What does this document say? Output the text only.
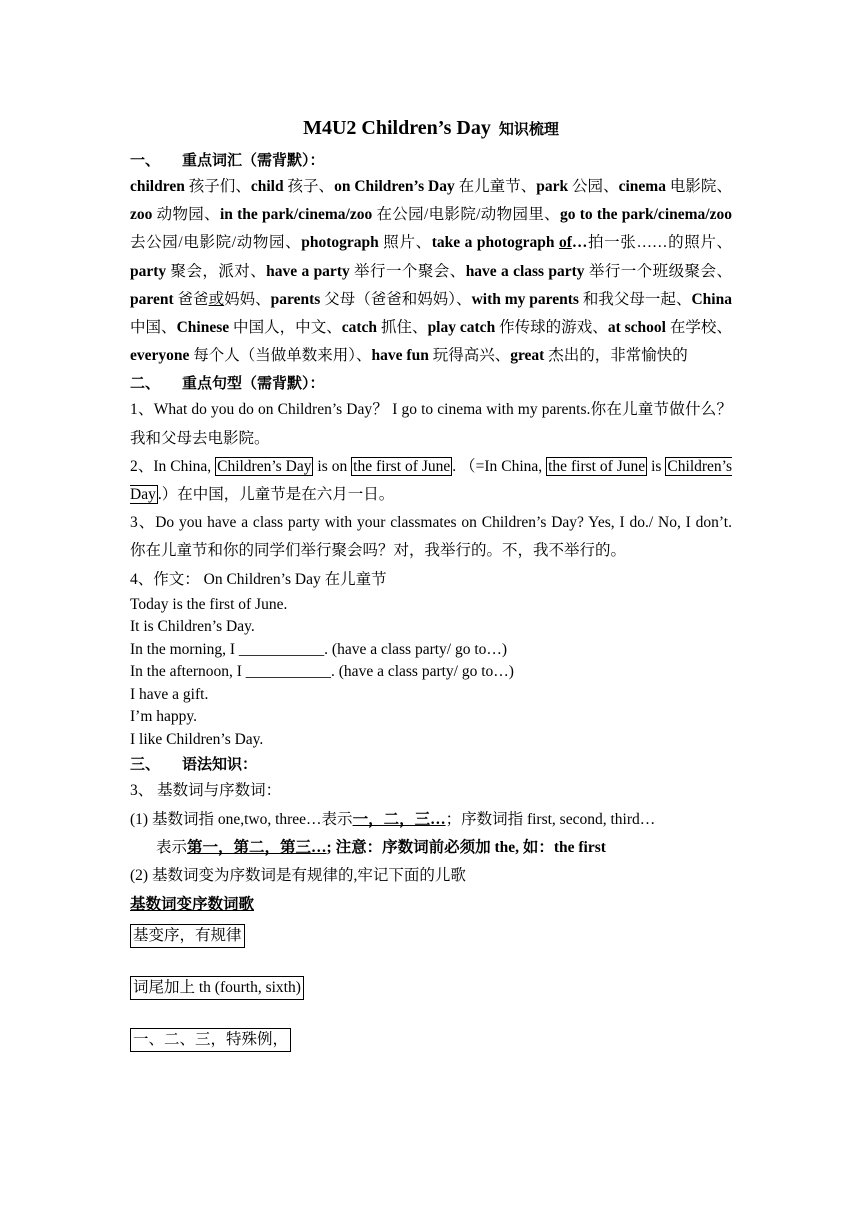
M4U2 Children’s Day 知识梳理
一、 重点词汇（需背默）：
children 孩子们、child 孩子、on Children’s Day 在儿童节、park 公园、cinema 电影院、zoo 动物园、in the park/cinema/zoo 在公园/电影院/动物园里、go to the park/cinema/zoo 去公园/电影院/动物园、photograph 照片、take a photograph of…拍一张……的照片、party 聚会，派对、have a party 举行一个聚会、have a class party 举行一个班级聚会、parent 爸爸或妈妈、parents 父母（爸爸和妈妈）、with my parents 和我父母一起、China 中国、Chinese 中国人，中文、catch 抓住、play catch 作传球的游戏、at school 在学校、everyone 每个人（当做单数来用）、have fun 玩得高兴、great 杰出的，非常愉快的
二、 重点句型（需背默）：
1、What do you do on Children’s Day？ I go to cinema with my parents.你在儿童节做什么？我和父母去电影院。
2、In China, Children’s Day is on the first of June . （=In China, the first of June is Children’s Day .）在中国，儿童节是在六月一日。
3、Do you have a class party with your classmates on Children’s Day? Yes, I do./ No, I don’t. 你在儿童节和你的同学们举行聚会吗？对，我举行的。不，我不举行的。
4、作文： On Children’s Day 在儿童节
Today is the first of June.
It is Children’s Day.
In the morning, I ___________. (have a class party/ go to…)
In the afternoon, I ___________. (have a class party/ go to…)
I have a gift.
I’m happy.
I like Children’s Day.
三、 语法知识：
3、 基数词与序数词：
(1) 基数词指 one,two, three…表示一，二，三…；序数词指 first, second, third…
表示第一，第二，第三…; 注意：序数词前必须加 the, 如：the first
(2) 基数词变为序数词是有规律的,牢记下面的儿歌
基数词变序数词歌
基变序，有规律
词尾加上 th (fourth, sixth)
一、二、三，特殊例，
